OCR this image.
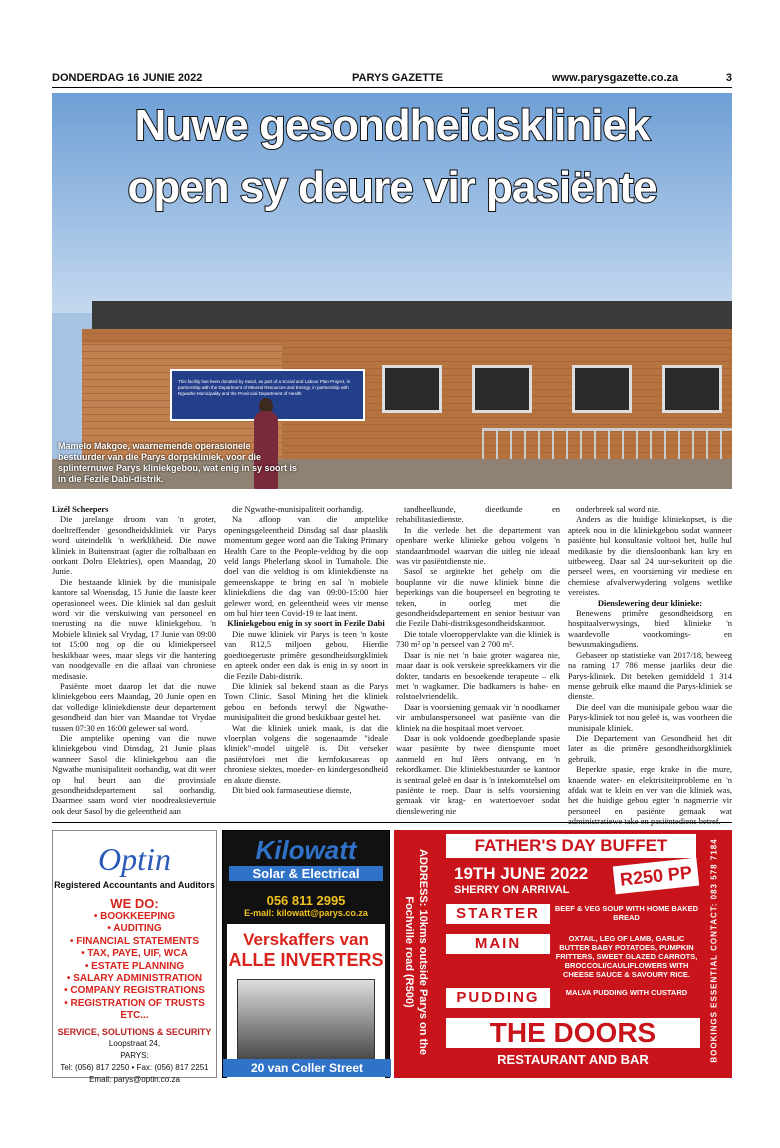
DONDERDAG 16 JUNIE 2022	PARYS GAZETTE	www.parysgazette.co.za	3
This facility has been donated by Sasol, as part of a Social and Labour Plan Project, in partnership with the Department of Mineral Resources and Energy, in partnership with Ngwathe Municipality and the Provincial Department of Health
Nuwe gesondheidskliniek
open sy deure vir pasiënte
Mamelo Makgoe, waarnemende operasionele bestuurder van die Parys dorpskliniek, voor die splinternuwe Parys kliniekgebou, wat enig in sy soort is in die Fezile Dabi-distrik.

Lizél Scheepers

Die jarelange droom van 'n groter, doeltreffender gesondheidskliniek vir Parys word uiteindelik 'n werklikheid. Die nuwe kliniek in Buitenstraat (agter die rolbalbaan en oorkant Dolro Elektries), open Maandag, 20 Junie.

Die bestaande kliniek by die munisipale kantore sal Woensdag, 15 Junie die laaste keer operasioneel wees. Die kliniek sal dan gesluit word vir die verskuiwing van personeel en toerusting na die nuwe kliniekgebou. 'n Mobiele kliniek sal Vrydag, 17 Junie van 09:00 tot 15:00 nog op die ou kliniekperseel beskikbaar wees, maar slegs vir die hantering van noodgevalle en die aflaai van chroniese medisasie.

Pasiënte moet daarop let dat die nuwe kliniekgebou eers Maandag, 20 Junie open en dat volledige kliniekdienste deur departement gesondheid dan hier van Maandae tot Vrydae tussen 07:30 en 16:00 gelewer sal word.

Die amptelike opening van die nuwe kliniekgebou vind Dinsdag, 21 Junie plaas wanneer Sasol die kliniekgebou aan die Ngwathe munisipaliteit oorhandig, wat dit weer op hul beurt aan die provinsiale gesondheidsdepartement sal oorhandig. Daarmee saam word vier noodreaksievertuie ook deur Sasol by die geleentheid aan

die Ngwathe-munisipaliteit oorhandig.

Na afloop van die amptelike openingsgeleentheid Dinsdag sal daar plaaslik momentum gegee word aan die Taking Primary Health Care to the People-veldtog by die oop veld langs Phelerlang skool in Tumahole. Die doel van die veldtog is om kliniekdienste na gemeenskappe te bring en sal 'n mobiele kliniekdiens die dag van 09:00-15:00 hier gelewer word, en geleentheid wees vir mense om hul hier teen Covid-19 te laat inent.

Kliniekgebou enig in sy soort in Fezile Dabi

Die nuwe kliniek vir Parys is teen 'n koste van R12,5 miljoen gebou. Hierdie goedtoegeruste primêre gesondheidsorgkliniek en apteek onder een dak is enig in sy soort in die Fezile Dabi-distrik.

Die kliniek sal bekend staan as die Parys Town Clinic. Sasol Mining het die kliniek gebou en befonds terwyl die Ngwathe-munisipaliteit die grond beskikbaar gestel het.

Wat die kliniek uniek maak, is dat die vloerplan volgens die sogenaamde "ideale kliniek"-model uitgelê is. Dit verseker pasiëntvloei met die kernfokusareas op chroniese siektes, moeder- en kindergesondheid en akute dienste.

Dit bied ook farmaseutiese dienste,

tandheelkunde, dieetkunde en rehabilitasiedienste.

In die verlede het die departement van openbare werke klinieke gebou volgens 'n standaardmodel waarvan die uitleg nie ideaal was vir pasiëntdienste nie.

Sasol se argitekte het gehelp om die bouplanne vir die nuwe kliniek binne die beperkings van die bouperseel en begroting te teken, in oorleg met die gesondheidsdepartement en senior bestuur van die Fezile Dabi-distriksgesondheidskantoor.

Die totale vloeroppervlakte van die kliniek is 730 m² op 'n perseel van 2 700 m².

Daar is nie net 'n baie groter wagarea nie, maar daar is ook verskeie spreekkamers vir die dokter, tandarts en besoekende terapeute – elk met 'n wagkamer. Die badkamers is babe- en rolstoelvriendelik.

Daar is voorsiening gemaak vir 'n noodkamer vir ambulanspersoneel wat pasiënte van die kliniek na die hospitaal moet vervoer.

Daar is ook voldoende goedbeplande spasie waar pasiënte by twee dienspunte moet aanmeld en hul lêers ontvang, en 'n rekordkamer. Die kliniekbestuurder se kantoor is sentraal geleë en daar is 'n intekomstelsel om pasiënte te roep. Daar is selfs voorsiening gemaak vir krag- en watertoevoer sodat dienslewering nie

onderbreek sal word nie.

Anders as die huidige kliniekopset, is die apteek nou in die kliniekgebou sodat wanneer pasiënte hul konsultasie voltooi het, hulle hul medikasie by die diensloonbank kan kry en uitbeweeg. Daar sal 24 uur-sekuriteit op die perseel wees, en voorsiening vir mediese en chemiese afvalverwydering volgens wetlike vereistes.

Dienslewering deur klinieke:

Benewens primêre gesondheidsorg en hospitaalverwysings, bied klinieke 'n waardevolle voorkomings- en bewusmakingsdiens.

Gebaseer op statistieke van 2017/18, beweeg na raming 17 786 mense jaarliks deur die Parys-kliniek. Dit beteken gemiddeld 1 314 mense gebruik elke maand die Parys-kliniek se dienste.

Die deel van die munisipale gebou waar die Parys-kliniek tot nou geleë is, was voorheen die munisipale kliniek.

Die Departement van Gesondheid het dit later as die primêre gesondheidsorgkliniek gebruik.

Beperkte spasie, erge krake in die mure, knaende water- en elektrisiteitprobleme en 'n afdak wat te klein en ver van die kliniek was, het die huidige gebou egter 'n nagmerrie vir personeel en pasiënte gemaak wat administratiewe take en pasiëntediens betref.

Optin
Registered Accountants and Auditors
WE DO:
• BOOKKEEPING
• AUDITING
• FINANCIAL STATEMENTS
• TAX, PAYE, UIF, WCA
• ESTATE PLANNING
• SALARY ADMINISTRATION
• COMPANY REGISTRATIONS
• REGISTRATION OF TRUSTS
ETC...
SERVICE, SOLUTIONS & SECURITY
Loopstraat 24,
PARYS:
Tel: (056) 817 2250 • Fax: (056) 817 2251
Email: parys@optin.co.za
Kilowatt
Solar & Electrical
056 811 2995
E-mail: kilowatt@parys.co.za
Verskaffers van
ALLE INVERTERS
20 van Coller Street
ADDRESS: 10kms outside Parys on the Fochville road (R500)	BOOKINGS ESSENTIAL CONTACT: 083 578 7184
FATHER'S DAY BUFFET
19TH JUNE 2022	R250 PP
SHERRY ON ARRIVAL
STARTER	BEEF & VEG SOUP WITH HOME BAKED BREAD
MAIN	OXTAIL, LEG OF LAMB, GARLIC BUTTER BABY POTATOES, PUMPKIN FRITTERS, SWEET GLAZED CARROTS, BROCCOLI/CAULIFLOWERS WITH CHEESE SAUCE & SAVOURY RICE.
PUDDING	MALVA PUDDING WITH CUSTARD
THE DOORS
RESTAURANT AND BAR
